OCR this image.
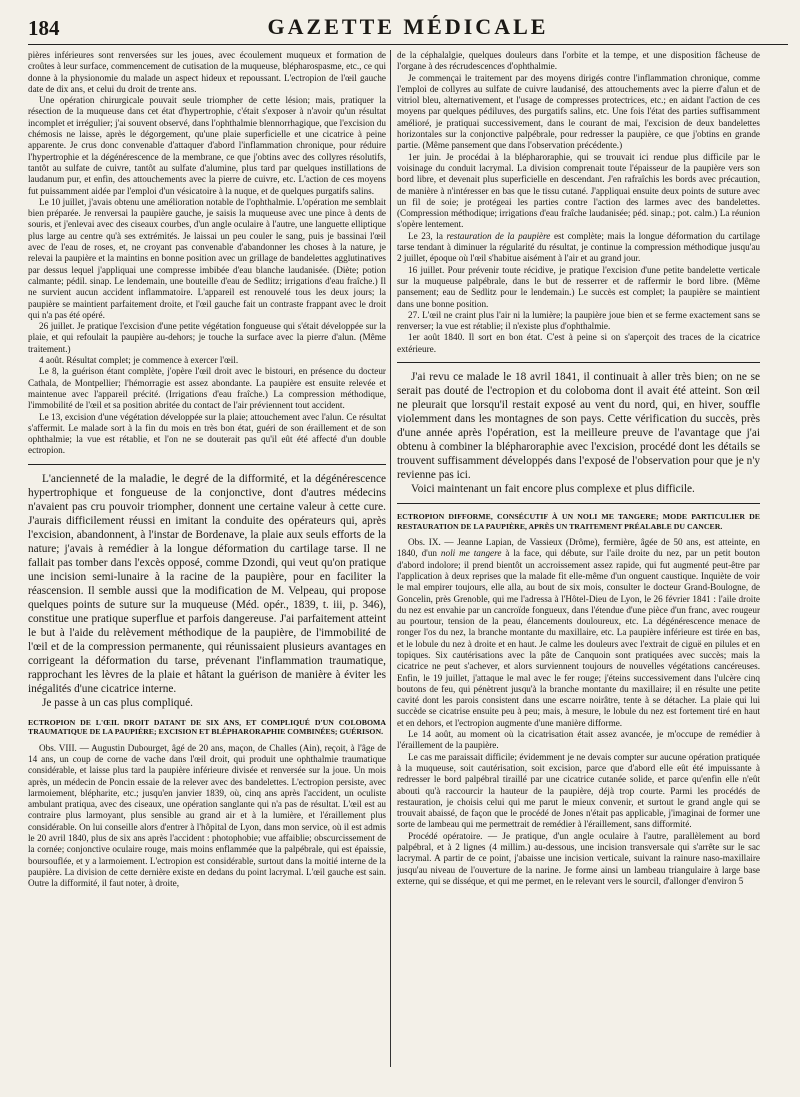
184	GAZETTE MÉDICALE

pières inférieures sont renversées sur les joues, avec écoulement muqueux et formation de croûtes à leur surface, commencement de cutisation de la muqueuse, blépharospasme, etc., ce qui donne à la physionomie du malade un aspect hideux et repoussant. L'ectropion de l'œil gauche date de dix ans, et celui du droit de trente ans.

Une opération chirurgicale pouvait seule triompher de cette lésion; mais, pratiquer la résection de la muqueuse dans cet état d'hypertrophie, c'était s'exposer à n'avoir qu'un résultat incomplet et irrégulier; j'ai souvent observé, dans l'ophthalmie blennorrhagique, que l'excision du chémosis ne laisse, après le dégorgement, qu'une plaie superficielle et une cicatrice à peine apparente. Je crus donc convenable d'attaquer d'abord l'inflammation chronique, pour réduire l'hypertrophie et la dégénérescence de la membrane, ce que j'obtins avec des collyres résolutifs, tantôt au sulfate de cuivre, tantôt au sulfate d'alumine, plus tard par quelques instillations de laudanum pur, et enfin, des attouchements avec la pierre de cuivre, etc. L'action de ces moyens fut puissamment aidée par l'emploi d'un vésicatoire à la nuque, et de quelques purgatifs salins.

Le 10 juillet, j'avais obtenu une amélioration notable de l'ophthalmie. L'opération me semblait bien préparée. Je renversai la paupière gauche, je saisis la muqueuse avec une pince à dents de souris, et j'enlevai avec des ciseaux courbes, d'un angle oculaire à l'autre, une languette elliptique plus large au centre qu'à ses extrémités. Je laissai un peu couler le sang, puis je bassinai l'œil avec de l'eau de roses, et, ne croyant pas convenable d'abandonner les choses à la nature, je relevai la paupière et la maintins en bonne position avec un grillage de bandelettes agglutinatives par dessus lequel j'appliquai une compresse imbibée d'eau blanche laudanisée. (Diète; potion calmante; pédil. sinap. Le lendemain, une bouteille d'eau de Sedlitz; irrigations d'eau fraîche.) Il ne survient aucun accident inflammatoire. L'appareil est renouvelé tous les deux jours; la paupière se maintient parfaitement droite, et l'œil gauche fait un contraste frappant avec le droit qui n'a pas été opéré.

26 juillet. Je pratique l'excision d'une petite végétation fongueuse qui s'était développée sur la plaie, et qui refoulait la paupière au-dehors; je touche la surface avec la pierre d'alun. (Même traitement.)

4 août. Résultat complet; je commence à exercer l'œil.

Le 8, la guérison étant complète, j'opère l'œil droit avec le bistouri, en présence du docteur Cathala, de Montpellier; l'hémorragie est assez abondante. La paupière est ensuite relevée et maintenue avec l'appareil précité. (Irrigations d'eau fraîche.) La compression méthodique, l'immobilité de l'œil et sa position abritée du contact de l'air préviennent tout accident.

Le 13, excision d'une végétation développée sur la plaie; attouchement avec l'alun. Ce résultat s'affermit. Le malade sort à la fin du mois en très bon état, guéri de son éraillement et de son ophthalmie; la vue est rétablie, et l'on ne se douterait pas qu'il eût été affecté d'un double ectropion.

L'ancienneté de la maladie, le degré de la difformité, et la dégénérescence hypertrophique et fongueuse de la conjonctive, dont d'autres médecins n'avaient pas cru pouvoir triompher, donnent une certaine valeur à cette cure. J'aurais difficilement réussi en imitant la conduite des opérateurs qui, après l'excision, abandonnent, à l'instar de Bordenave, la plaie aux seuls efforts de la nature; j'avais à remédier à la longue déformation du cartilage tarse. Il ne fallait pas tomber dans l'excès opposé, comme Dzondi, qui veut qu'on pratique une incision semi-lunaire à la racine de la paupière, pour en faciliter la réascension. Il semble aussi que la modification de M. Velpeau, qui propose quelques points de suture sur la muqueuse (Méd. opér., 1839, t. iii, p. 346), constitue une pratique superflue et parfois dangereuse. J'ai parfaitement atteint le but à l'aide du relèvement méthodique de la paupière, de l'immobilité de l'œil et de la compression permanente, qui réunissaient plusieurs avantages en corrigeant la déformation du tarse, prévenant l'inflammation traumatique, rapprochant les lèvres de la plaie et hâtant la guérison de manière à éviter les inégalités d'une cicatrice interne.

Je passe à un cas plus compliqué.

ECTROPION DE L'ŒIL DROIT DATANT DE SIX ANS, ET COMPLIQUÉ D'UN COLOBOMA TRAUMATIQUE DE LA PAUPIÈRE; EXCISION ET BLÉPHARORAPHIE COMBINÉES; GUÉRISON.

Obs. VIII. — Augustin Dubourget, âgé de 20 ans, maçon, de Challes (Ain), reçoit, à l'âge de 14 ans, un coup de corne de vache dans l'œil droit, qui produit une ophthalmie traumatique considérable, et laisse plus tard la paupière inférieure divisée et renversée sur la joue. Un mois après, un médecin de Poncin essaie de la relever avec des bandelettes. L'ectropion persiste, avec larmoiement, blépharite, etc.; jusqu'en janvier 1839, où, cinq ans après l'accident, un oculiste ambulant pratiqua, avec des ciseaux, une opération sanglante qui n'a pas de résultat. L'œil est au contraire plus larmoyant, plus sensible au grand air et à la lumière, et l'éraillement plus considérable. On lui conseille alors d'entrer à l'hôpital de Lyon, dans mon service, où il est admis le 20 avril 1840, plus de six ans après l'accident : photophobie; vue affaiblie; obscurcissement de la cornée; conjonctive oculaire rouge, mais moins enflammée que la palpébrale, qui est épaissie, boursouflée, et y a larmoiement. L'ectropion est considérable, surtout dans la moitié interne de la paupière. La division de cette dernière existe en dedans du point lacrymal. L'œil gauche est sain. Outre la difformité, il faut noter, à droite,

de la céphalalgie, quelques douleurs dans l'orbite et la tempe, et une disposition fâcheuse de l'organe à des récrudescences d'ophthalmie.

Je commençai le traitement par des moyens dirigés contre l'inflammation chronique, comme l'emploi de collyres au sulfate de cuivre laudanisé, des attouchements avec la pierre d'alun et de vitriol bleu, alternativement, et l'usage de compresses protectrices, etc.; en aidant l'action de ces moyens par quelques pédiluves, des purgatifs salins, etc. Une fois l'état des parties suffisamment amélioré, je pratiquai successivement, dans le courant de mai, l'excision de deux bandelettes horizontales sur la conjonctive palpébrale, pour redresser la paupière, ce que j'obtins en grande partie. (Même pansement que dans l'observation précédente.)

1er juin. Je procédai à la blépharoraphie, qui se trouvait ici rendue plus difficile par le voisinage du conduit lacrymal. La division comprenait toute l'épaisseur de la paupière vers son bord libre, et devenait plus superficielle en descendant. J'en rafraîchis les bords avec précaution, de manière à n'intéresser en bas que le tissu cutané. J'appliquai ensuite deux points de suture avec un fil de soie; je protégeai les parties contre l'action des larmes avec des bandelettes. (Compression méthodique; irrigations d'eau fraîche laudanisée; péd. sinap.; pot. calm.) La réunion s'opère lentement.

Le 23, la restauration de la paupière est complète; mais la longue déformation du cartilage tarse tendant à diminuer la régularité du résultat, je continue la compression méthodique jusqu'au 2 juillet, époque où l'œil s'habitue aisément à l'air et au grand jour.

16 juillet. Pour prévenir toute récidive, je pratique l'excision d'une petite bandelette verticale sur la muqueuse palpébrale, dans le but de resserrer et de raffermir le bord libre. (Même pansement; eau de Sedlitz pour le lendemain.) Le succès est complet; la paupière se maintient dans une bonne position.

27. L'œil ne craint plus l'air ni la lumière; la paupière joue bien et se ferme exactement sans se renverser; la vue est rétablie; il n'existe plus d'ophthalmie.

1er août 1840. Il sort en bon état. C'est à peine si on s'aperçoit des traces de la cicatrice extérieure.

J'ai revu ce malade le 18 avril 1841, il continuait à aller très bien; on ne se serait pas douté de l'ectropion et du coloboma dont il avait été atteint. Son œil ne pleurait que lorsqu'il restait exposé au vent du nord, qui, en hiver, souffle violemment dans les montagnes de son pays. Cette vérification du succès, près d'une année après l'opération, est la meilleure preuve de l'avantage que j'ai obtenu à combiner la blépharoraphie avec l'excision, procédé dont les détails se trouvent suffisamment développés dans l'exposé de l'observation pour que je n'y revienne pas ici.

Voici maintenant un fait encore plus complexe et plus difficile.

ECTROPION DIFFORME, CONSÉCUTIF À UN NOLI ME TANGERE; MODE PARTICULIER DE RESTAURATION DE LA PAUPIÈRE, APRÈS UN TRAITEMENT PRÉALABLE DU CANCER.

Obs. IX. — Jeanne Lapian, de Vassieux (Drôme), fermière, âgée de 50 ans, est atteinte, en 1840, d'un noli me tangere à la face, qui débute, sur l'aile droite du nez, par un petit bouton d'abord indolore; il prend bientôt un accroissement assez rapide, qui fut augmenté peut-être par l'application à deux reprises que la malade fit elle-même d'un onguent caustique. Inquiète de voir le mal empirer toujours, elle alla, au bout de six mois, consulter le docteur Grand-Boulogne, de Goncelin, près Grenoble, qui me l'adressa à l'Hôtel-Dieu de Lyon, le 26 février 1841 : l'aile droite du nez est envahie par un cancroïde fongueux, dans l'étendue d'une pièce d'un franc, avec rougeur au pourtour, tension de la peau, élancements douloureux, etc. La dégénérescence menace de ronger l'os du nez, la branche montante du maxillaire, etc. La paupière inférieure est tirée en bas, et le lobule du nez à droite et en haut. Je calme les douleurs avec l'extrait de ciguë en pilules et en topiques. Six cautérisations avec la pâte de Canquoin sont pratiquées avec succès; mais la cicatrice ne peut s'achever, et alors surviennent toujours de nouvelles végétations cancéreuses. Enfin, le 19 juillet, j'attaque le mal avec le fer rouge; j'éteins successivement dans l'ulcère cinq boutons de feu, qui pénètrent jusqu'à la branche montante du maxillaire; il en résulte une petite cavité dont les parois consistent dans une escarre noirâtre, tente à se détacher. La plaie qui lui succède se cicatrise ensuite peu à peu; mais, à mesure, le lobule du nez est fortement tiré en haut et en dehors, et l'ectropion augmente d'une manière difforme.

Le 14 août, au moment où la cicatrisation était assez avancée, je m'occupe de remédier à l'éraillement de la paupière.

Le cas me paraissait difficile; évidemment je ne devais compter sur aucune opération pratiquée à la muqueuse, soit cautérisation, soit excision, parce que d'abord elle eût été impuissante à redresser le bord palpébral tiraillé par une cicatrice cutanée solide, et parce qu'enfin elle n'eût abouti qu'à raccourcir la hauteur de la paupière, déjà trop courte. Parmi les procédés de restauration, je choisis celui qui me parut le mieux convenir, et surtout le grand angle qui se trouvait abaissé, de façon que le procédé de Jones n'était pas applicable, j'imaginai de former une sorte de lambeau qui me permettrait de remédier à l'éraillement, sans difformité.

Procédé opératoire. — Je pratique, d'un angle oculaire à l'autre, parallèlement au bord palpébral, et à 2 lignes (4 millim.) au-dessous, une incision transversale qui s'arrête sur le sac lacrymal. A partir de ce point, j'abaisse une incision verticale, suivant la rainure naso-maxillaire jusqu'au niveau de l'ouverture de la narine. Je forme ainsi un lambeau triangulaire à large base externe, qui se disséque, et qui me permet, en le relevant vers le sourcil, d'allonger d'environ 5
